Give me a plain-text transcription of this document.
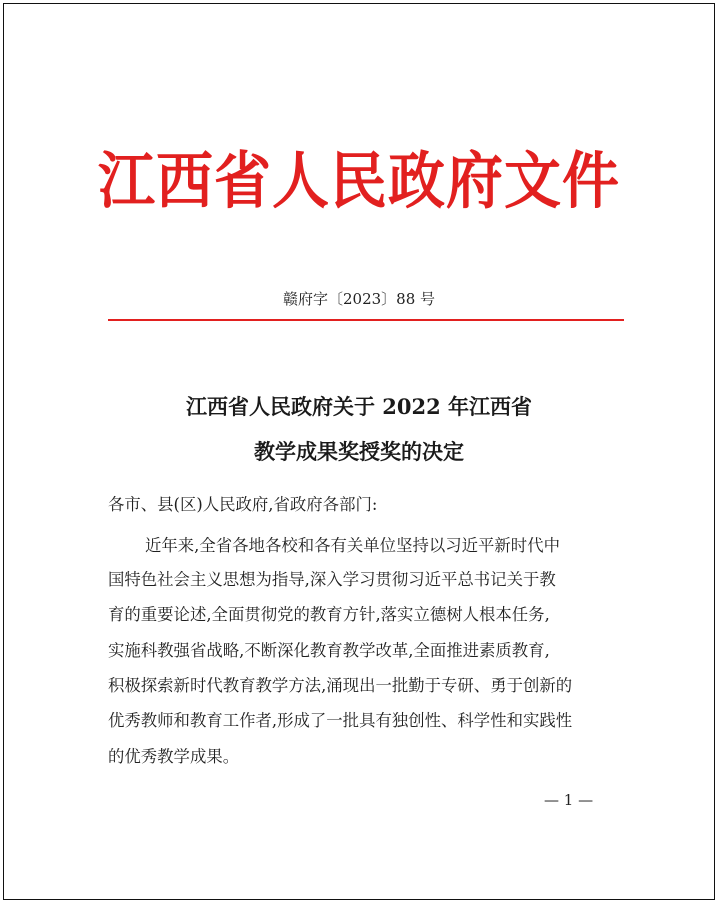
江西省人民政府文件
赣府字〔2023〕88 号
江西省人民政府关于 2022 年江西省
教学成果奖授奖的决定
各市、县(区)人民政府,省政府各部门:
近年来,全省各地各校和各有关单位坚持以习近平新时代中
国特色社会主义思想为指导,深入学习贯彻习近平总书记关于教
育的重要论述,全面贯彻党的教育方针,落实立德树人根本任务,
实施科教强省战略,不断深化教育教学改革,全面推进素质教育,
积极探索新时代教育教学方法,涌现出一批勤于专研、勇于创新的
优秀教师和教育工作者,形成了一批具有独创性、科学性和实践性
的优秀教学成果。
— 1 —
